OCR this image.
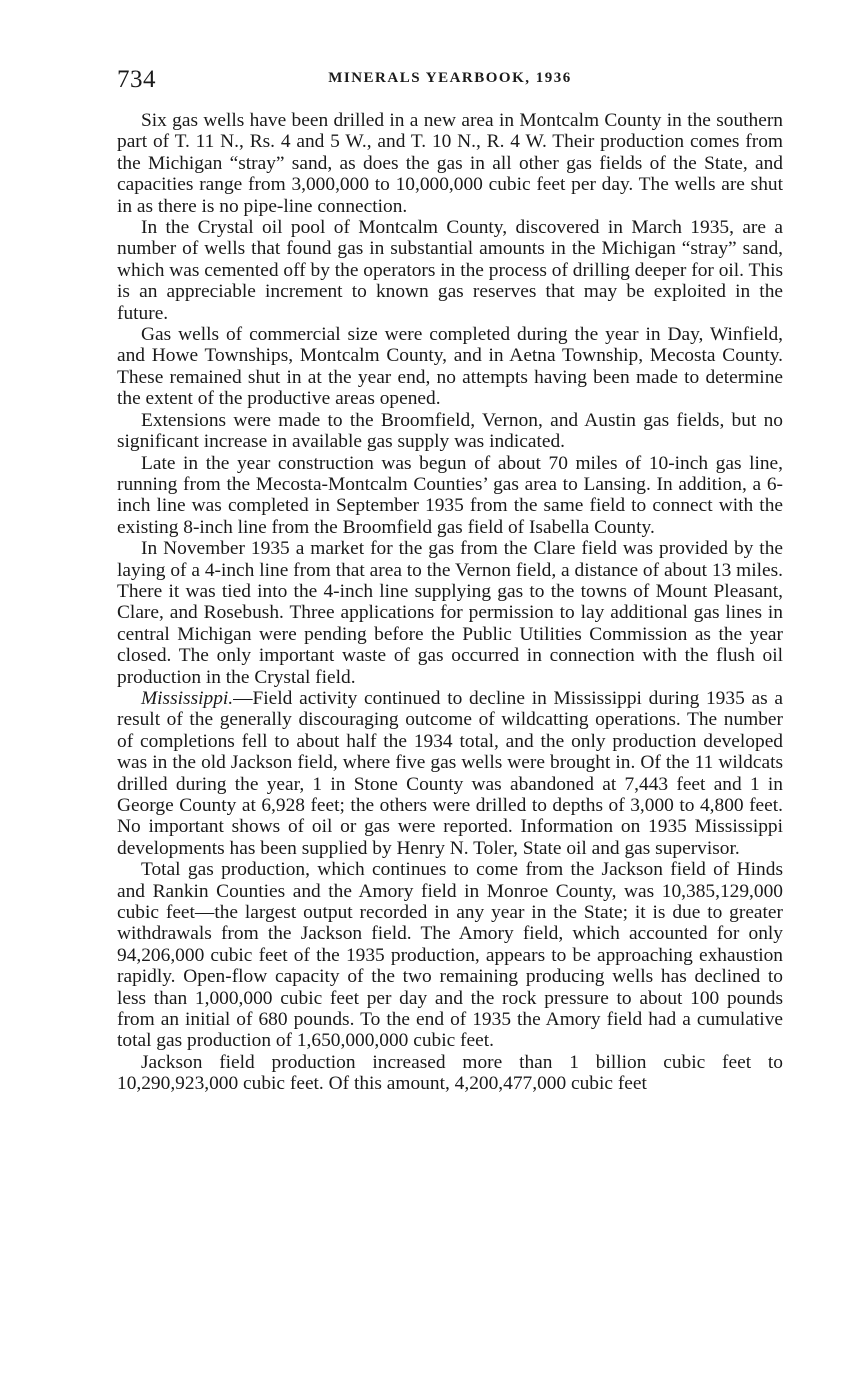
734	MINERALS YEARBOOK, 1936

Six gas wells have been drilled in a new area in Montcalm County in the southern part of T. 11 N., Rs. 4 and 5 W., and T. 10 N., R. 4 W. Their production comes from the Michigan “stray” sand, as does the gas in all other gas fields of the State, and capacities range from 3,000,000 to 10,000,000 cubic feet per day. The wells are shut in as there is no pipe-line connection.

In the Crystal oil pool of Montcalm County, discovered in March 1935, are a number of wells that found gas in substantial amounts in the Michigan “stray” sand, which was cemented off by the operators in the process of drilling deeper for oil. This is an appreciable increment to known gas reserves that may be exploited in the future.

Gas wells of commercial size were completed during the year in Day, Winfield, and Howe Townships, Montcalm County, and in Aetna Township, Mecosta County. These remained shut in at the year end, no attempts having been made to determine the extent of the productive areas opened.

Extensions were made to the Broomfield, Vernon, and Austin gas fields, but no significant increase in available gas supply was indicated.

Late in the year construction was begun of about 70 miles of 10-inch gas line, running from the Mecosta-Montcalm Counties’ gas area to Lansing. In addition, a 6-inch line was completed in September 1935 from the same field to connect with the existing 8-inch line from the Broomfield gas field of Isabella County.

In November 1935 a market for the gas from the Clare field was provided by the laying of a 4-inch line from that area to the Vernon field, a distance of about 13 miles. There it was tied into the 4-inch line supplying gas to the towns of Mount Pleasant, Clare, and Rosebush. Three applications for permission to lay additional gas lines in central Michigan were pending before the Public Utilities Commission as the year closed. The only important waste of gas occurred in connection with the flush oil production in the Crystal field.

Mississippi.—Field activity continued to decline in Mississippi during 1935 as a result of the generally discouraging outcome of wildcatting operations. The number of completions fell to about half the 1934 total, and the only production developed was in the old Jackson field, where five gas wells were brought in. Of the 11 wildcats drilled during the year, 1 in Stone County was abandoned at 7,443 feet and 1 in George County at 6,928 feet; the others were drilled to depths of 3,000 to 4,800 feet. No important shows of oil or gas were reported. Information on 1935 Mississippi developments has been supplied by Henry N. Toler, State oil and gas supervisor.

Total gas production, which continues to come from the Jackson field of Hinds and Rankin Counties and the Amory field in Monroe County, was 10,385,129,000 cubic feet—the largest output recorded in any year in the State; it is due to greater withdrawals from the Jackson field. The Amory field, which accounted for only 94,206,000 cubic feet of the 1935 production, appears to be approaching exhaustion rapidly. Open-flow capacity of the two remaining producing wells has declined to less than 1,000,000 cubic feet per day and the rock pressure to about 100 pounds from an initial of 680 pounds. To the end of 1935 the Amory field had a cumulative total gas production of 1,650,000,000 cubic feet.

Jackson field production increased more than 1 billion cubic feet to 10,290,923,000 cubic feet. Of this amount, 4,200,477,000 cubic feet
